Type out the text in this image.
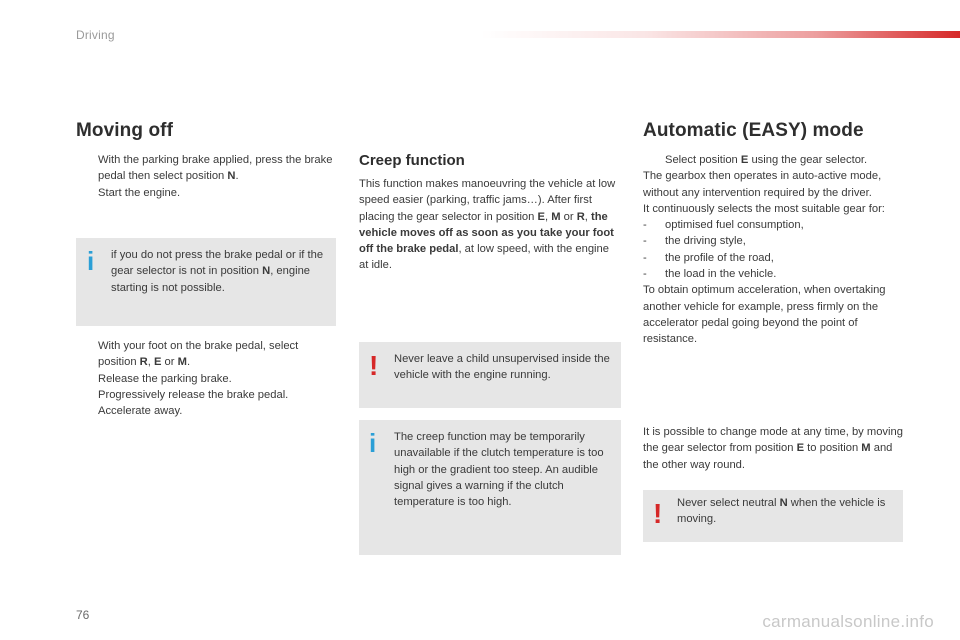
Driving
Moving off
With the parking brake applied, press the brake pedal then select position N.
Start the engine.
i if you do not press the brake pedal or if the gear selector is not in position N, engine starting is not possible.
With your foot on the brake pedal, select position R, E or M.
Release the parking brake.
Progressively release the brake pedal. Accelerate away.
Creep function
This function makes manoeuvring the vehicle at low speed easier (parking, traffic jams…). After first placing the gear selector in position E, M or R, the vehicle moves off as soon as you take your foot off the brake pedal, at low speed, with the engine at idle.
! Never leave a child unsupervised inside the vehicle with the engine running.
i The creep function may be temporarily unavailable if the clutch temperature is too high or the gradient too steep. An audible signal gives a warning if the clutch temperature is too high.
Automatic (EASY) mode
Select position E using the gear selector.
The gearbox then operates in auto-active mode, without any intervention required by the driver.
It continuously selects the most suitable gear for:
- optimised fuel consumption,
- the driving style,
- the profile of the road,
- the load in the vehicle.
To obtain optimum acceleration, when overtaking another vehicle for example, press firmly on the accelerator pedal going beyond the point of resistance.
It is possible to change mode at any time, by moving the gear selector from position E to position M and the other way round.
! Never select neutral N when the vehicle is moving.
76	carmanualsonline.info
